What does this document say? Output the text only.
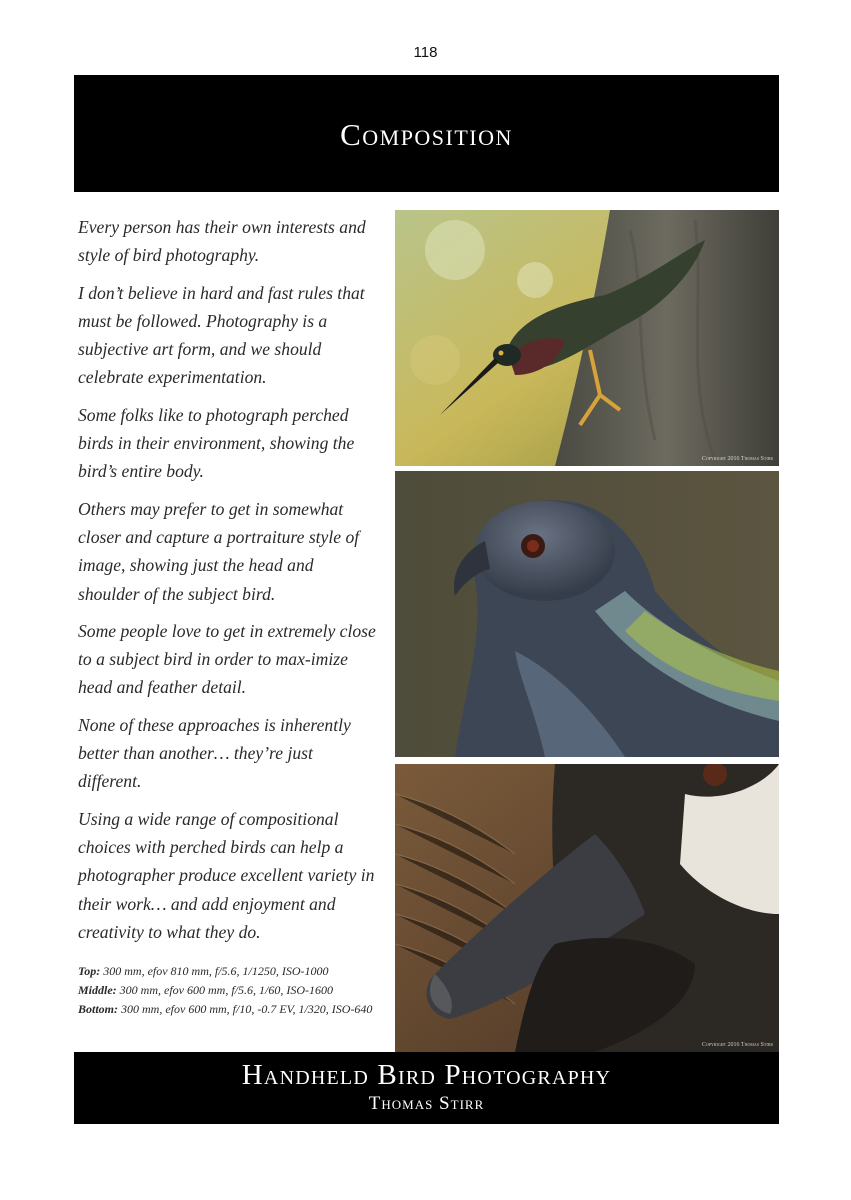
118
Composition

Every person has their own interests and style of bird photography.

I don’t believe in hard and fast rules that must be followed. Photography is a subjective art form, and we should celebrate experimentation.

Some folks like to photograph perched birds in their environment, showing the bird’s entire body.

Others may prefer to get in somewhat closer and capture a portraiture style of image, showing just the head and shoulder of the subject bird.

Some people love to get in extremely close to a subject bird in order to max-imize head and feather detail.

None of these approaches is inherently better than another… they’re just different.

Using a wide range of compositional choices with perched birds can help a photographer produce excellent variety in their work… and add enjoyment and creativity to what they do.

Top: 300 mm, efov 810 mm, f/5.6, 1/1250, ISO-1000
Middle: 300 mm, efov 600 mm, f/5.6, 1/60, ISO-1600
Bottom: 300 mm, efov 600 mm, f/10, -0.7 EV, 1/320, ISO-640
Copyright 2016 Thomas Stirr
Copyright 2016 Thomas Stirr
Handheld Bird Photography
Thomas Stirr
